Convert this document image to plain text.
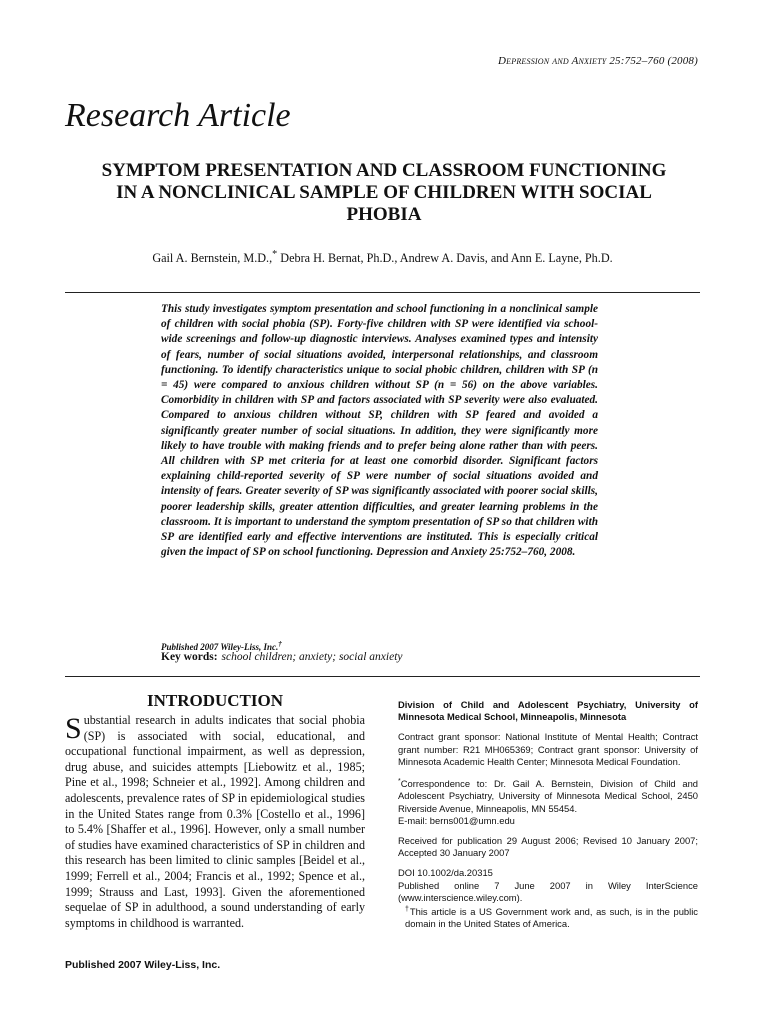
Depression and Anxiety 25:752–760 (2008)
Research Article
SYMPTOM PRESENTATION AND CLASSROOM FUNCTIONING IN A NONCLINICAL SAMPLE OF CHILDREN WITH SOCIAL PHOBIA
Gail A. Bernstein, M.D.,* Debra H. Bernat, Ph.D., Andrew A. Davis, and Ann E. Layne, Ph.D.

This study investigates symptom presentation and school functioning in a nonclinical sample of children with social phobia (SP). Forty-five children with SP were identified via school-wide screenings and follow-up diagnostic interviews. Analyses examined types and intensity of fears, number of social situations avoided, interpersonal relationships, and classroom functioning. To identify characteristics unique to social phobic children, children with SP (n = 45) were compared to anxious children without SP (n = 56) on the above variables. Comorbidity in children with SP and factors associated with SP severity were also evaluated. Compared to anxious children without SP, children with SP feared and avoided a significantly greater number of social situations. In addition, they were significantly more likely to have trouble with making friends and to prefer being alone rather than with peers. All children with SP met criteria for at least one comorbid disorder. Significant factors explaining child-reported severity of SP were number of social situations avoided and intensity of fears. Greater severity of SP was significantly associated with poorer social skills, poorer leadership skills, greater attention difficulties, and greater learning problems in the classroom. It is important to understand the symptom presentation of SP so that children with SP are identified early and effective interventions are instituted. This is especially critical given the impact of SP on school functioning. Depression and Anxiety 25:752–760, 2008.

Published 2007 Wiley-Liss, Inc.†
Key words: school children; anxiety; social anxiety
INTRODUCTION

Substantial research in adults indicates that social phobia (SP) is associated with social, educational, and occupational functional impairment, as well as depression, drug abuse, and suicides attempts [Liebowitz et al., 1985; Pine et al., 1998; Schneier et al., 1992]. Among children and adolescents, prevalence rates of SP in epidemiological studies in the United States range from 0.3% [Costello et al., 1996] to 5.4% [Shaffer et al., 1996]. However, only a small number of studies have examined characteristics of SP in children and this research has been limited to clinic samples [Beidel et al., 1999; Ferrell et al., 2004; Francis et al., 1992; Spence et al., 1999; Strauss and Last, 1993]. Given the aforementioned sequelae of SP in adulthood, a sound understanding of early symptoms in childhood is warranted.

Published 2007 Wiley-Liss, Inc.

Division of Child and Adolescent Psychiatry, University of Minnesota Medical School, Minneapolis, Minnesota

Contract grant sponsor: National Institute of Mental Health; Contract grant number: R21 MH065369; Contract grant sponsor: University of Minnesota Academic Health Center; Minnesota Medical Foundation.

*Correspondence to: Dr. Gail A. Bernstein, Division of Child and Adolescent Psychiatry, University of Minnesota Medical School, 2450 Riverside Avenue, Minneapolis, MN 55454.
E-mail: berns001@umn.edu

Received for publication 29 August 2006; Revised 10 January 2007; Accepted 30 January 2007

DOI 10.1002/da.20315

Published online 7 June 2007 in Wiley InterScience (www.interscience.wiley.com).

†This article is a US Government work and, as such, is in the public domain in the United States of America.
